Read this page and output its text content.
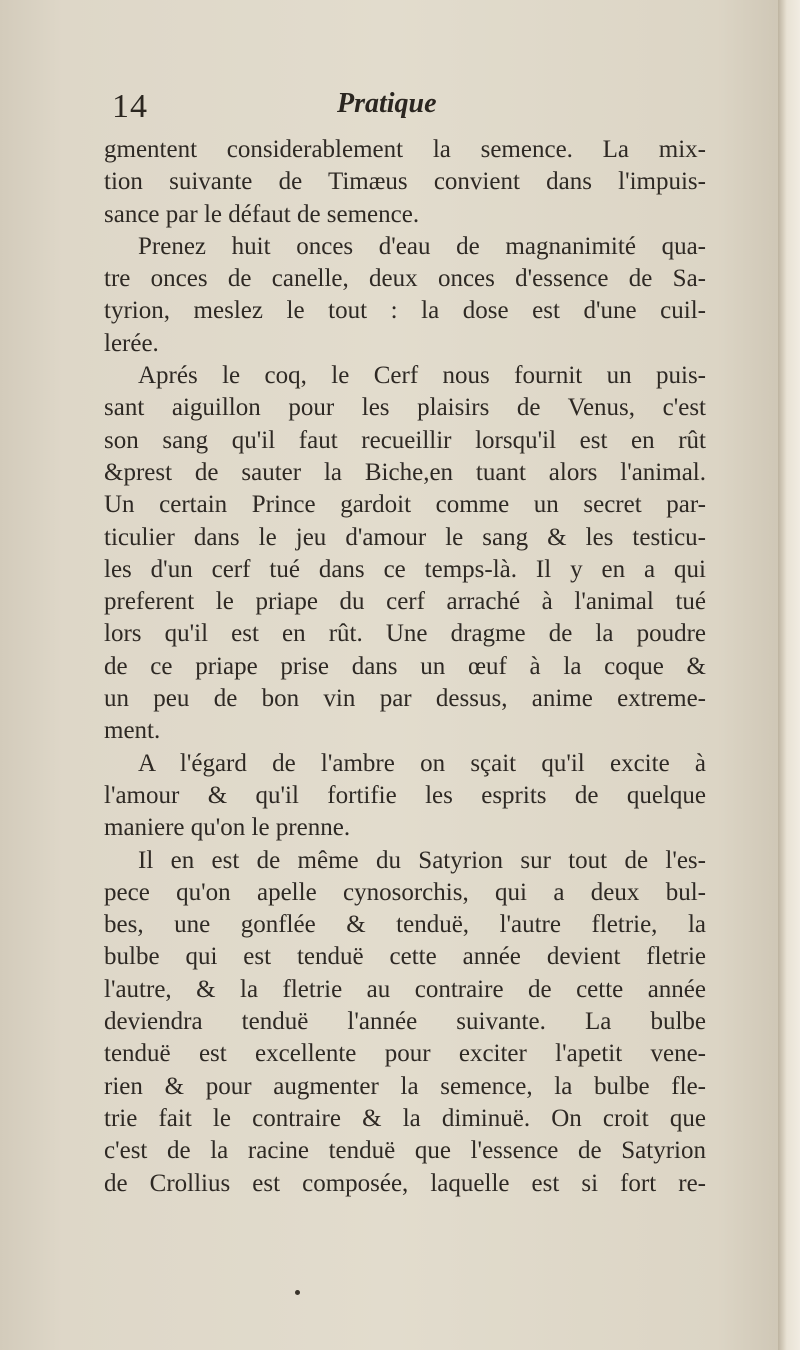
14	Pratique
gmentent considerablement la semence. La mix-
tion suivante de Timæus convient dans l'impuis-
sance par le défaut de semence.
Prenez huit onces d'eau de magnanimité qua-
tre onces de canelle, deux onces d'essence de Sa-
tyrion, meslez le tout : la dose est d'une cuil-
lerée.
Aprés le coq, le Cerf nous fournit un puis-
sant aiguillon pour les plaisirs de Venus, c'est
son sang qu'il faut recueillir lorsqu'il est en rût
&prest de sauter la Biche,en tuant alors l'animal.
Un certain Prince gardoit comme un secret par-
ticulier dans le jeu d'amour le sang & les testicu-
les d'un cerf tué dans ce temps-là. Il y en a qui
preferent le priape du cerf arraché à l'animal tué
lors qu'il est en rût. Une dragme de la poudre
de ce priape prise dans un œuf à la coque &
un peu de bon vin par dessus, anime extreme-
ment.
A l'égard de l'ambre on sçait qu'il excite à
l'amour & qu'il fortifie les esprits de quelque
maniere qu'on le prenne.
Il en est de même du Satyrion sur tout de l'es-
pece qu'on apelle cynosorchis, qui a deux bul-
bes, une gonflée & tenduë, l'autre fletrie, la
bulbe qui est tenduë cette année devient fletrie
l'autre, & la fletrie au contraire de cette année
deviendra tenduë l'année suivante. La bulbe
tenduë est excellente pour exciter l'apetit vene-
rien & pour augmenter la semence, la bulbe fle-
trie fait le contraire & la diminuë. On croit que
c'est de la racine tenduë que l'essence de Satyrion
de Crollius est composée, laquelle est si fort re-
